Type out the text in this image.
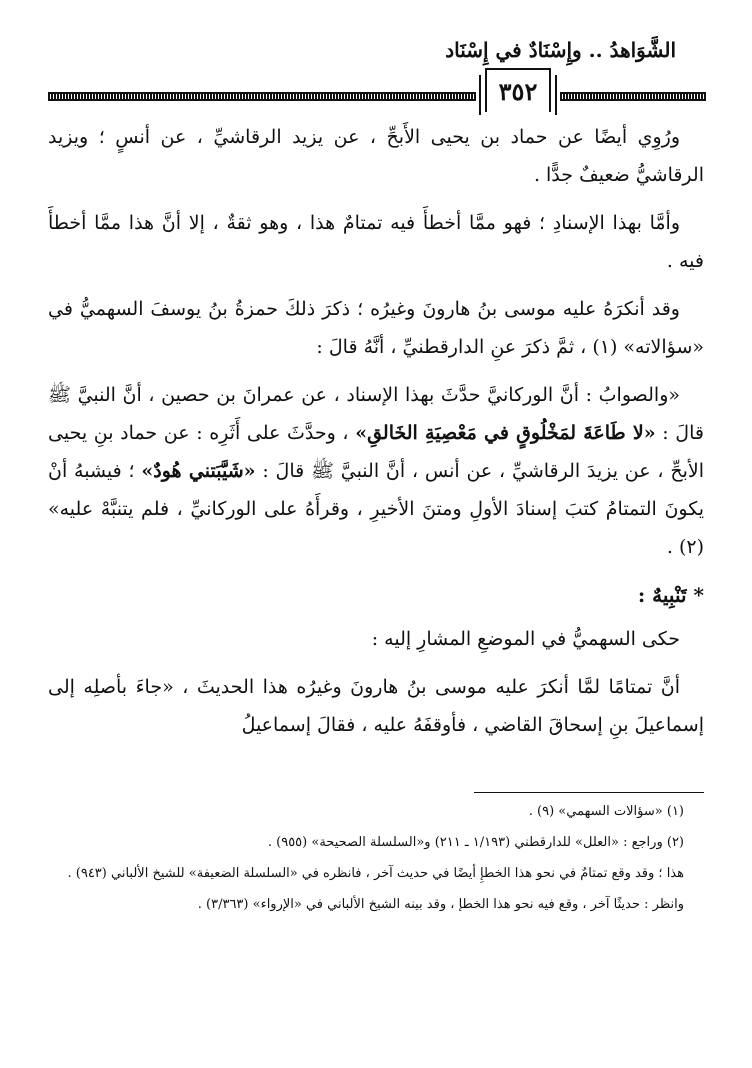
الشَّوَاهدُ .. وإِسْنَادٌ في إِسْنَاد
٣٥٢

ورُوِي أيضًا عن حماد بن يحيى الأَبحِّ ، عن يزيد الرقاشيِّ ، عن أنسٍ ؛ ويزيد الرقاشيُّ ضعيفٌ جدًّا .

وأمَّا بهذا الإسنادِ ؛ فهو ممَّا أخطأَ فيه تمتامٌ هذا ، وهو ثقةٌ ، إلا أنَّ هذا ممَّا أخطأَ فيه .

وقد أنكرَهُ عليه موسى بنُ هارونَ وغيرُه ؛ ذكرَ ذلكَ حمزةُ بنُ يوسفَ السهميُّ في «سؤالاته» (١) ، ثمَّ ذكرَ عنِ الدارقطنيِّ ، أنَّهُ قالَ :

«والصوابُ : أنَّ الوركانيَّ حدَّثَ بهذا الإسناد ، عن عمرانَ بن حصين ، أنَّ النبيَّ ﷺ قالَ : «لا طَاعَةَ لمَخْلُوقٍ في مَعْصِيَةِ الخَالقِ» ، وحدَّثَ على أَثَرِه : عن حماد بنِ يحيى الأبحِّ ، عن يزيدَ الرقاشيِّ ، عن أنس ، أنَّ النبيَّ ﷺ قالَ : «شَيَّبَتني هُودٌ» ؛ فيشبهُ أنْ يكونَ التمتامُ كتبَ إسنادَ الأولِ ومتنَ الأخيرِ ، وقرأَهُ على الوركانيِّ ، فلم يتنبَّهْ عليه» (٢) .

* تَنْبِيهٌ :

حكى السهميُّ في الموضعِ المشارِ إليه :

أنَّ تمتامًا لمَّا أنكرَ عليه موسى بنُ هارونَ وغيرُه هذا الحديثَ ، «جاءَ بأصلِه إلى إسماعيلَ بنِ إسحاقَ القاضي ، فأوقفَهُ عليه ، فقالَ إسماعيلُ

(١) «سؤالات السهمي» (٩) .

(٢) وراجع : «العلل» للدارقطني (١/١٩٣ ـ ٢١١) و«السلسلة الصحيحة» (٩٥٥) .

هذا ؛ وقد وقع تمتامٌ في نحو هذا الخطإِ أيضًا في حديث آخر ، فانظره في «السلسلة الضعيفة» للشيخ الألباني (٩٤٣) .

وانظر : حديثًا آخر ، وقع فيه نحو هذا الخطإ ، وقد بينه الشيخ الألباني في «الإرواء» (٣/٣٦٣) .
